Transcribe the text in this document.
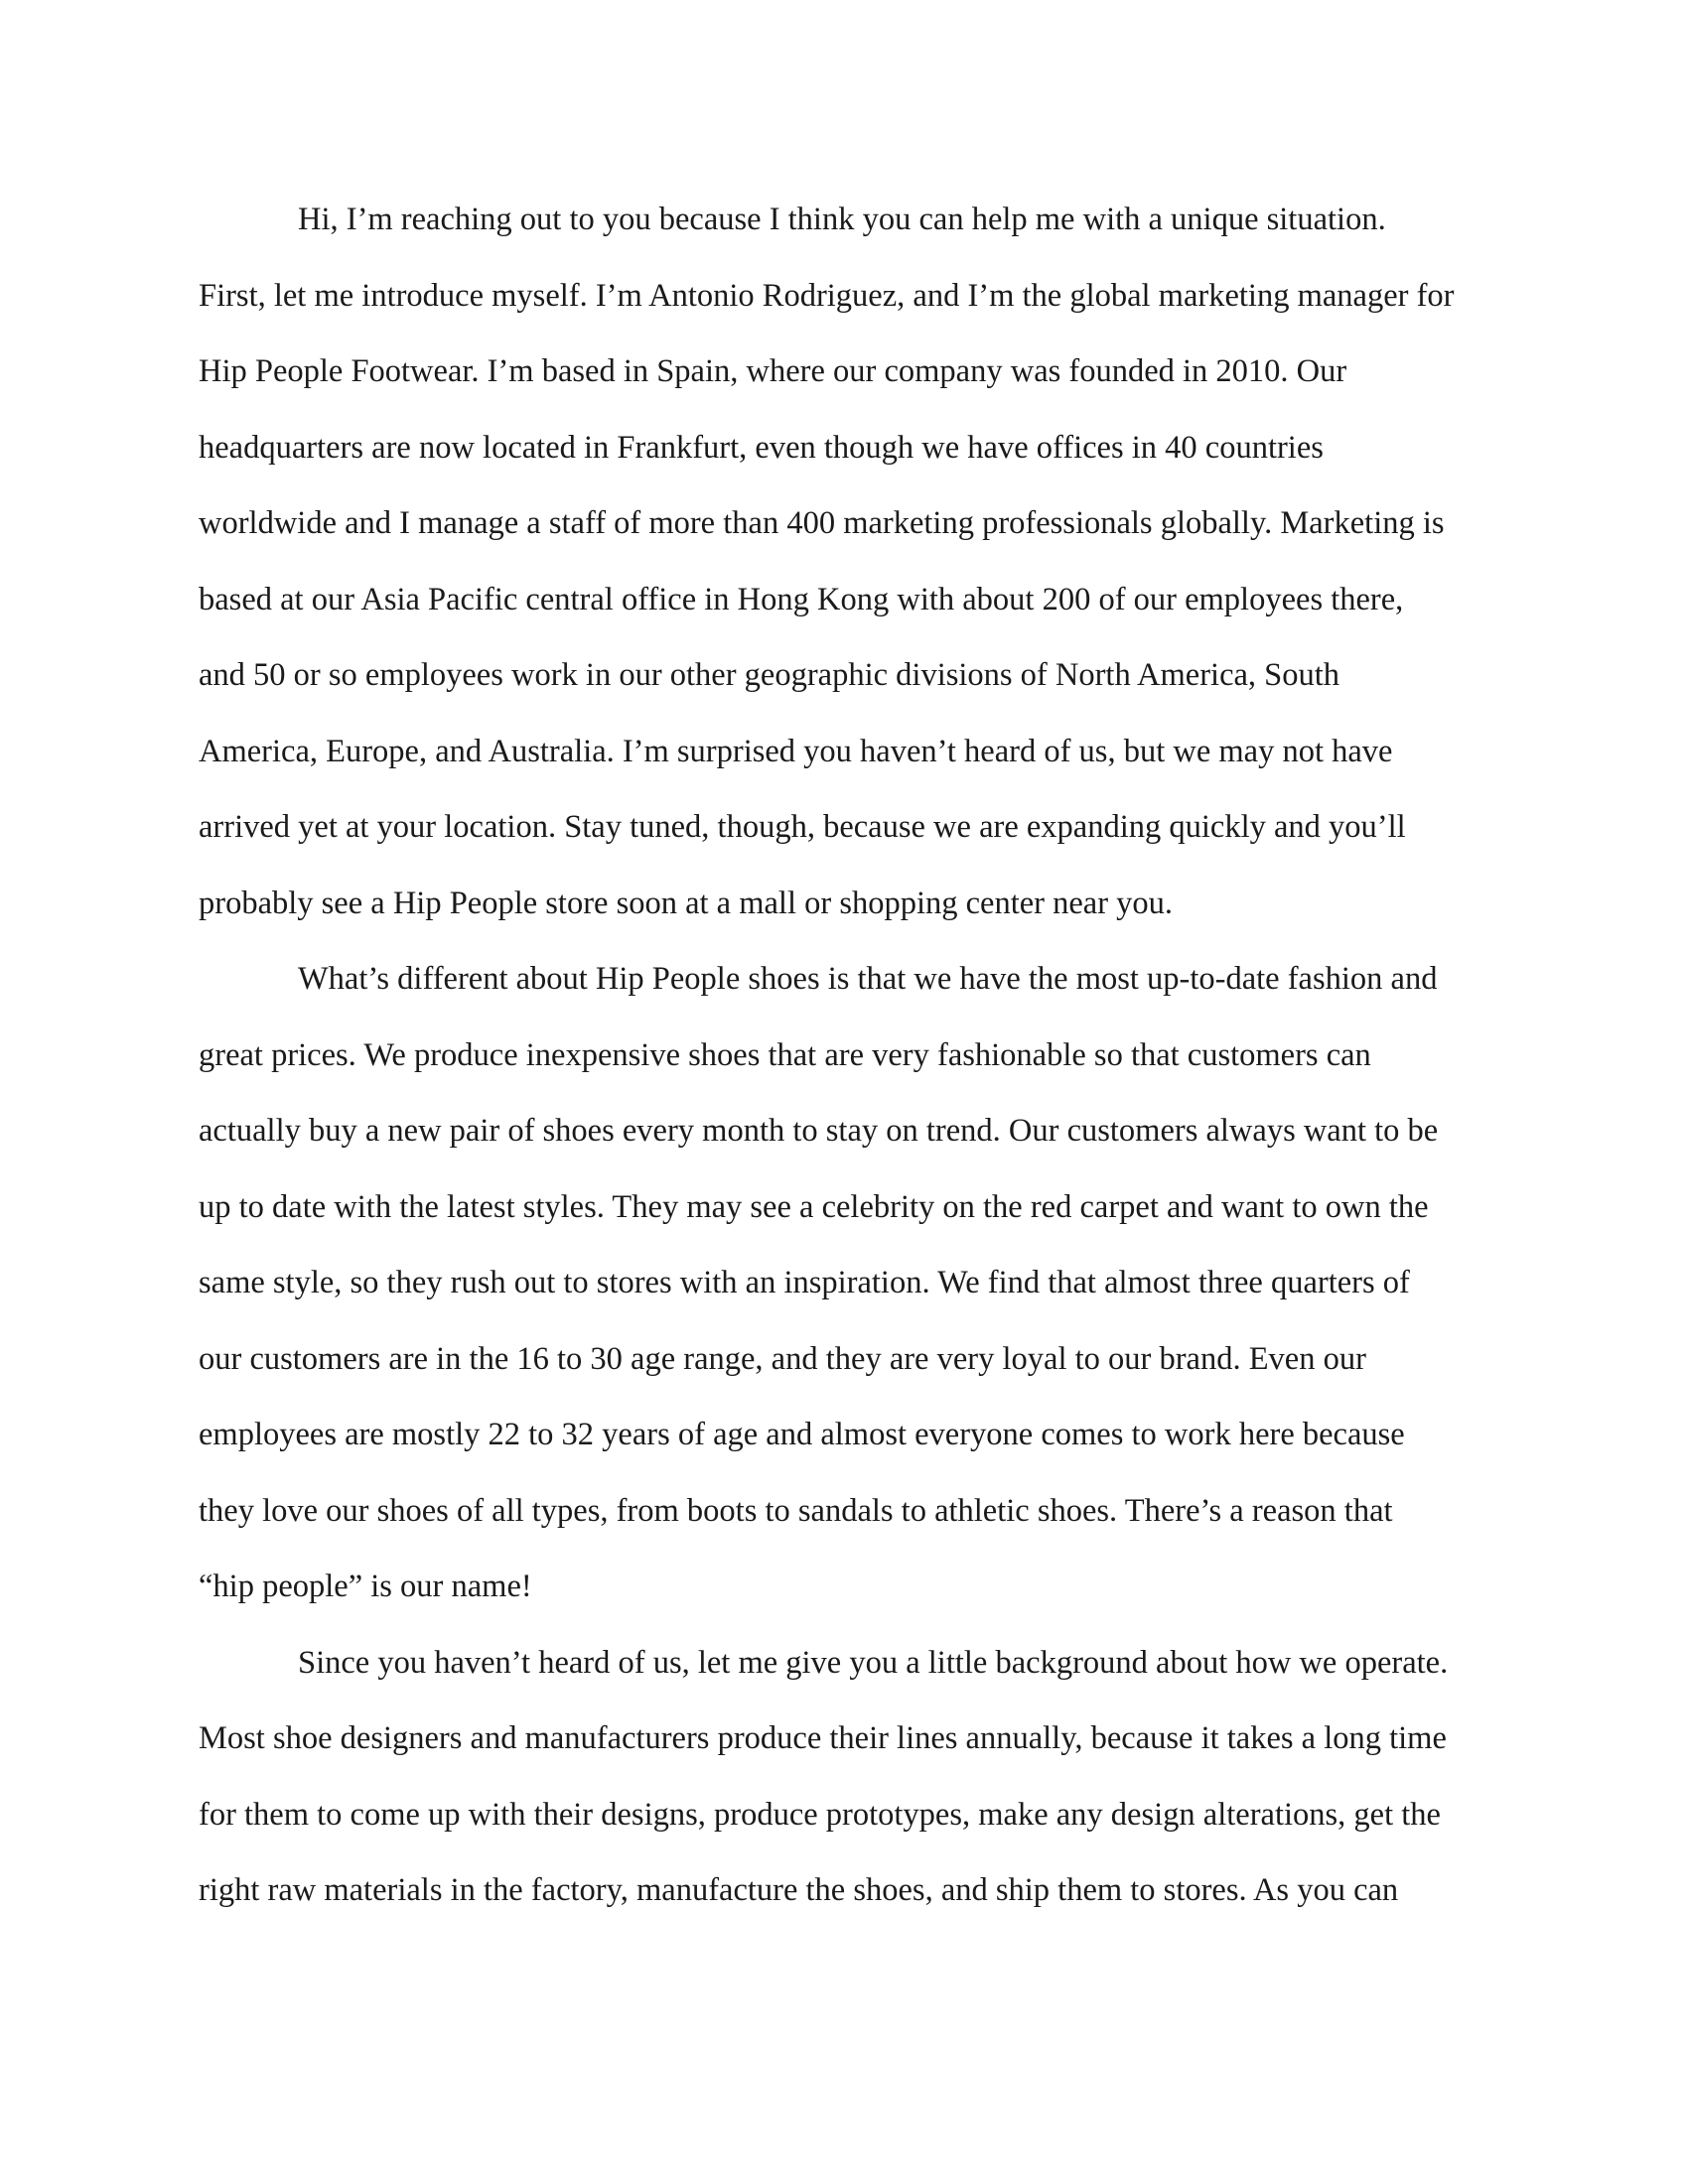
Hi, I’m reaching out to you because I think you can help me with a unique situation.
First, let me introduce myself. I’m Antonio Rodriguez, and I’m the global marketing manager for
Hip People Footwear. I’m based in Spain, where our company was founded in 2010. Our
headquarters are now located in Frankfurt, even though we have offices in 40 countries
worldwide and I manage a staff of more than 400 marketing professionals globally. Marketing is
based at our Asia Pacific central office in Hong Kong with about 200 of our employees there,
and 50 or so employees work in our other geographic divisions of North America, South
America, Europe, and Australia. I’m surprised you haven’t heard of us, but we may not have
arrived yet at your location. Stay tuned, though, because we are expanding quickly and you’ll
probably see a Hip People store soon at a mall or shopping center near you.
What’s different about Hip People shoes is that we have the most up-to-date fashion and
great prices. We produce inexpensive shoes that are very fashionable so that customers can
actually buy a new pair of shoes every month to stay on trend. Our customers always want to be
up to date with the latest styles. They may see a celebrity on the red carpet and want to own the
same style, so they rush out to stores with an inspiration. We find that almost three quarters of
our customers are in the 16 to 30 age range, and they are very loyal to our brand. Even our
employees are mostly 22 to 32 years of age and almost everyone comes to work here because
they love our shoes of all types, from boots to sandals to athletic shoes. There’s a reason that
“hip people” is our name!
Since you haven’t heard of us, let me give you a little background about how we operate.
Most shoe designers and manufacturers produce their lines annually, because it takes a long time
for them to come up with their designs, produce prototypes, make any design alterations, get the
right raw materials in the factory, manufacture the shoes, and ship them to stores. As you can
